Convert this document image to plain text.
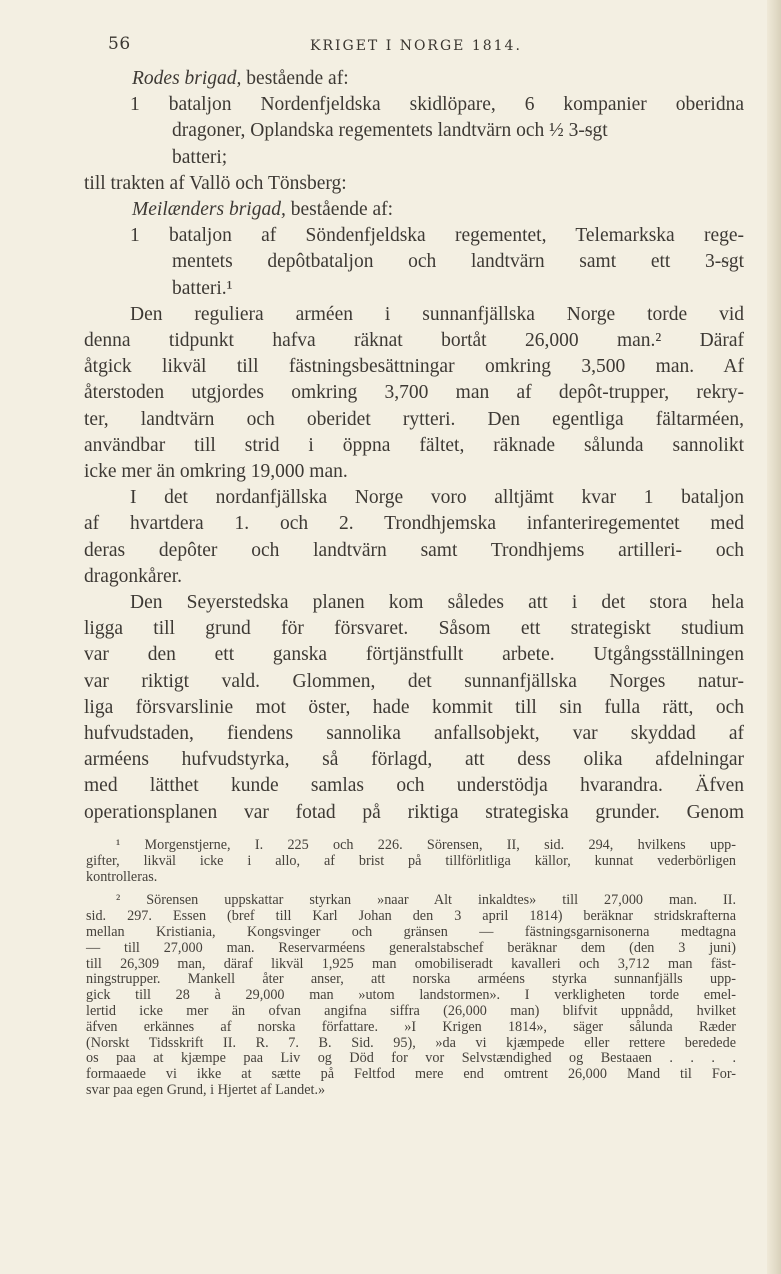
56	KRIGET I NORGE 1814.
Rodes brigad, bestående af:
1 bataljon Nordenfjeldska skidlöpare, 6 kompanier oberidna
dragoner, Oplandska regementets landtvärn och ½ 3-ᵴgt
batteri;
till trakten af Vallö och Tönsberg:
Meilænders brigad, bestående af:
1 bataljon af Söndenfjeldska regementet, Telemarkska rege-
mentets depôtbataljon och landtvärn samt ett 3-ᵴgt
batteri.¹
Den reguliera arméen i sunnanfjällska Norge torde vid
denna tidpunkt hafva räknat bortåt 26,000 man.² Däraf
åtgick likväl till fästningsbesättningar omkring 3,500 man. Af
återstoden utgjordes omkring 3,700 man af depôt-trupper, rekry-
ter, landtvärn och oberidet rytteri. Den egentliga fältarméen,
användbar till strid i öppna fältet, räknade sålunda sannolikt
icke mer än omkring 19,000 man.
I det nordanfjällska Norge voro alltjämt kvar 1 bataljon
af hvartdera 1. och 2. Trondhjemska infanteriregementet med
deras depôter och landtvärn samt Trondhjems artilleri- och
dragonkårer.
Den Seyerstedska planen kom således att i det stora hela
ligga till grund för försvaret. Såsom ett strategiskt studium
var den ett ganska förtjänstfullt arbete. Utgångsställningen
var riktigt vald. Glommen, det sunnanfjällska Norges natur-
liga försvarslinie mot öster, hade kommit till sin fulla rätt, och
hufvudstaden, fiendens sannolika anfallsobjekt, var skyddad af
arméens hufvudstyrka, så förlagd, att dess olika afdelningar
med lätthet kunde samlas och understödja hvarandra. Äfven
operationsplanen var fotad på riktiga strategiska grunder. Genom
¹ Morgenstjerne, I. 225 och 226. Sörensen, II, sid. 294, hvilkens upp-
gifter, likväl icke i allo, af brist på tillförlitliga källor, kunnat vederbörligen
kontrolleras.
² Sörensen uppskattar styrkan »naar Alt inkaldtes» till 27,000 man. II.
sid. 297. Essen (bref till Karl Johan den 3 april 1814) beräknar stridskrafterna
mellan Kristiania, Kongsvinger och gränsen — fästningsgarnisonerna medtagna
— till 27,000 man. Reservarméens generalstabschef beräknar dem (den 3 juni)
till 26,309 man, däraf likväl 1,925 man omobiliseradt kavalleri och 3,712 man fäst-
ningstrupper. Mankell åter anser, att norska arméens styrka sunnanfjälls upp-
gick till 28 à 29,000 man »utom landstormen». I verkligheten torde emel-
lertid icke mer än ofvan angifna siffra (26,000 man) blifvit uppnådd, hvilket
äfven erkännes af norska författare. »I Krigen 1814», säger sålunda Ræder
(Norskt Tidsskrift II. R. 7. B. Sid. 95), »da vi kjæmpede eller rettere beredede
os paa at kjæmpe paa Liv og Död for vor Selvstændighed og Bestaaen . . . .
formaaede vi ikke at sætte på Feltfod mere end omtrent 26,000 Mand til For-
svar paa egen Grund, i Hjertet af Landet.»
